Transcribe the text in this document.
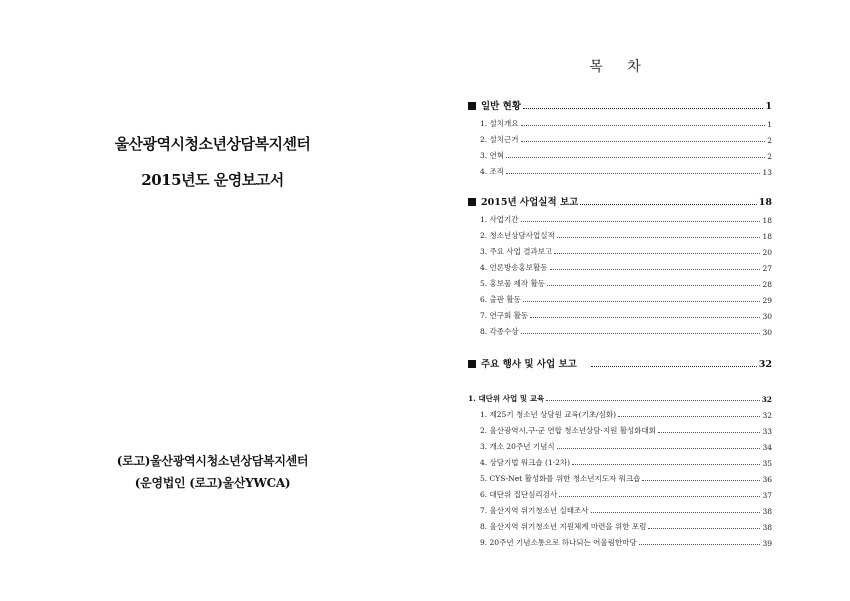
울산광역시청소년상담복지센터
2015년도 운영보고서
(로고)울산광역시청소년상담복지센터
(운영법인 (로고)울산YWCA)
목 차
일반 현황	1
1. 설치개요	1
2. 설치근거	2
3. 연혁	2
4. 조직	13
2015년 사업실적 보고	18
1. 사업기간	18
2. 청소년상담사업실적	18
3. 주요 사업 결과보고	20
4. 언론방송홍보활동	27
5. 홍보물 제작 활동	28
6. 출판 활동	29
7. 연구회 활동	30
8. 각종수상	30
주요 행사 및 사업 보고	32
1. 대단위 사업 및 교육	32
1. 제25기 청소년 상담원 교육(기초/심화)	32
2. 울산광역시,구·군 연합 청소년상담·지원 활성화대회	33
3. 개소 20주년 기념식	34
4. 상담기법 워크숍 (1·2차)	35
5. CYS-Net 활성화를 위한 청소년지도자 워크숍	36
6. 대단위 집단심리검사	37
7. 울산지역 위기청소년 실태조사	38
8. 울산지역 위기청소년 지원체계 마련을 위한 포럼	38
9. 20주년 기념소통으로 하나되는 어울림한마당	39
